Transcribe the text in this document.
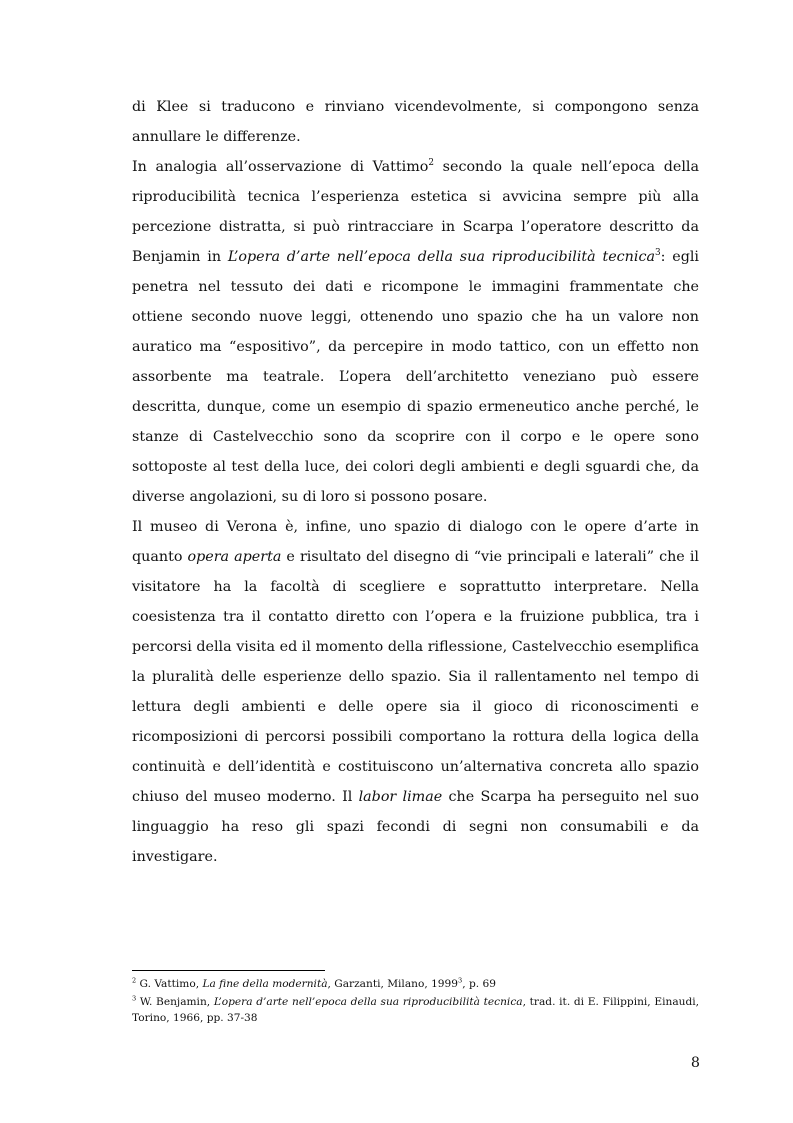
di Klee si traducono e rinviano vicendevolmente, si compongono senza annullare le differenze.

In analogia all’osservazione di Vattimo$^2$ secondo la quale nell’epoca della riproducibilità tecnica l’esperienza estetica si avvicina sempre più alla percezione distratta, si può rintracciare in Scarpa l’operatore descritto da Benjamin in L’opera d’arte nell’epoca della sua riproducibilità tecnica$^3$: egli penetra nel tessuto dei dati e ricompone le immagini frammentate che ottiene secondo nuove leggi, ottenendo uno spazio che ha un valore non auratico ma “espositivo”, da percepire in modo tattico, con un effetto non assorbente ma teatrale. L’opera dell’architetto veneziano può essere descritta, dunque, come un esempio di spazio ermeneutico anche perché, le stanze di Castelvecchio sono da scoprire con il corpo e le opere sono sottoposte al test della luce, dei colori degli ambienti e degli sguardi che, da diverse angolazioni, su di loro si possono posare.

Il museo di Verona è, infine, uno spazio di dialogo con le opere d’arte in quanto opera aperta e risultato del disegno di “vie principali e laterali” che il visitatore ha la facoltà di scegliere e soprattutto interpretare. Nella coesistenza tra il contatto diretto con l’opera e la fruizione pubblica, tra i percorsi della visita ed il momento della riflessione, Castelvecchio esemplifica la pluralità delle esperienze dello spazio. Sia il rallentamento nel tempo di lettura degli ambienti e delle opere sia il gioco di riconoscimenti e ricomposizioni di percorsi possibili comportano la rottura della logica della continuità e dell’identità e costituiscono un’alternativa concreta allo spazio chiuso del museo moderno. Il labor limae che Scarpa ha perseguito nel suo linguaggio ha reso gli spazi fecondi di segni non consumabili e da investigare.

$^2$ G. Vattimo, La fine della modernità, Garzanti, Milano, 1999$^3$, p. 69

$^3$ W. Benjamin, L’opera d’arte nell’epoca della sua riproducibilità tecnica, trad. it. di E. Filippini, Einaudi, Torino, 1966, pp. 37-38

8
